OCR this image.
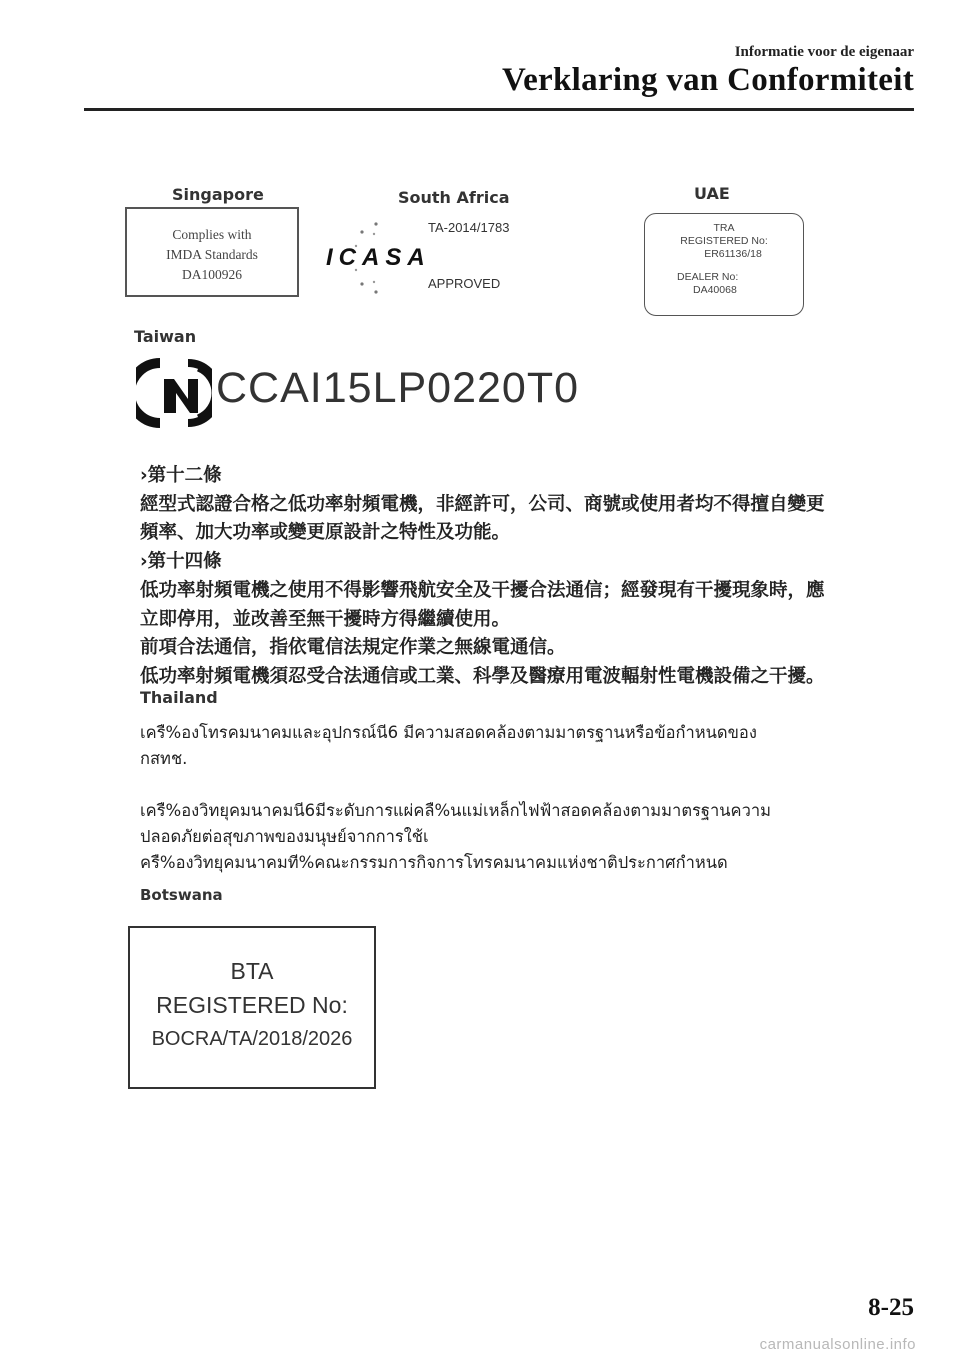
Informatie voor de eigenaar
Verklaring van Conformiteit
Singapore
Complies with
IMDA Standards
DA100926
South Africa
TA-2014/1783
ICASA
APPROVED
UAE
TRA
REGISTERED No:
ER61136/18
DEALER No:
DA40068
Taiwan
CCAI15LP0220T0
›第十二條
經型式認證合格之低功率射頻電機，非經許可，公司、商號或使用者均不得擅自變更
頻率、加大功率或變更原設計之特性及功能。
›第十四條
低功率射頻電機之使用不得影響飛航安全及干擾合法通信；經發現有干擾現象時，應
立即停用，並改善至無干擾時方得繼續使用。
前項合法通信，指依電信法規定作業之無線電通信。
低功率射頻電機須忍受合法通信或工業、科學及醫療用電波輻射性電機設備之干擾。
Thailand
เครื%องโทรคมนาคมและอุปกรณ์นี6 มีความสอดคล้องตามมาตรฐานหรือข้อกําหนดของ
กสทช.
เครื%องวิทยุคมนาคมนี6มีระดับการแผ่คลื%นแม่เหล็กไฟฟ้าสอดคล้องตามมาตรฐานความ
ปลอดภัยต่อสุขภาพของมนุษย์จากการใช้เ
ครื%องวิทยุคมนาคมที%คณะกรรมการกิจการโทรคมนาคมแห่งชาติประกาศกําหนด
Botswana
BTA
REGISTERED No:
BOCRA/TA/2018/2026
8-25
carmanualsonline.info
